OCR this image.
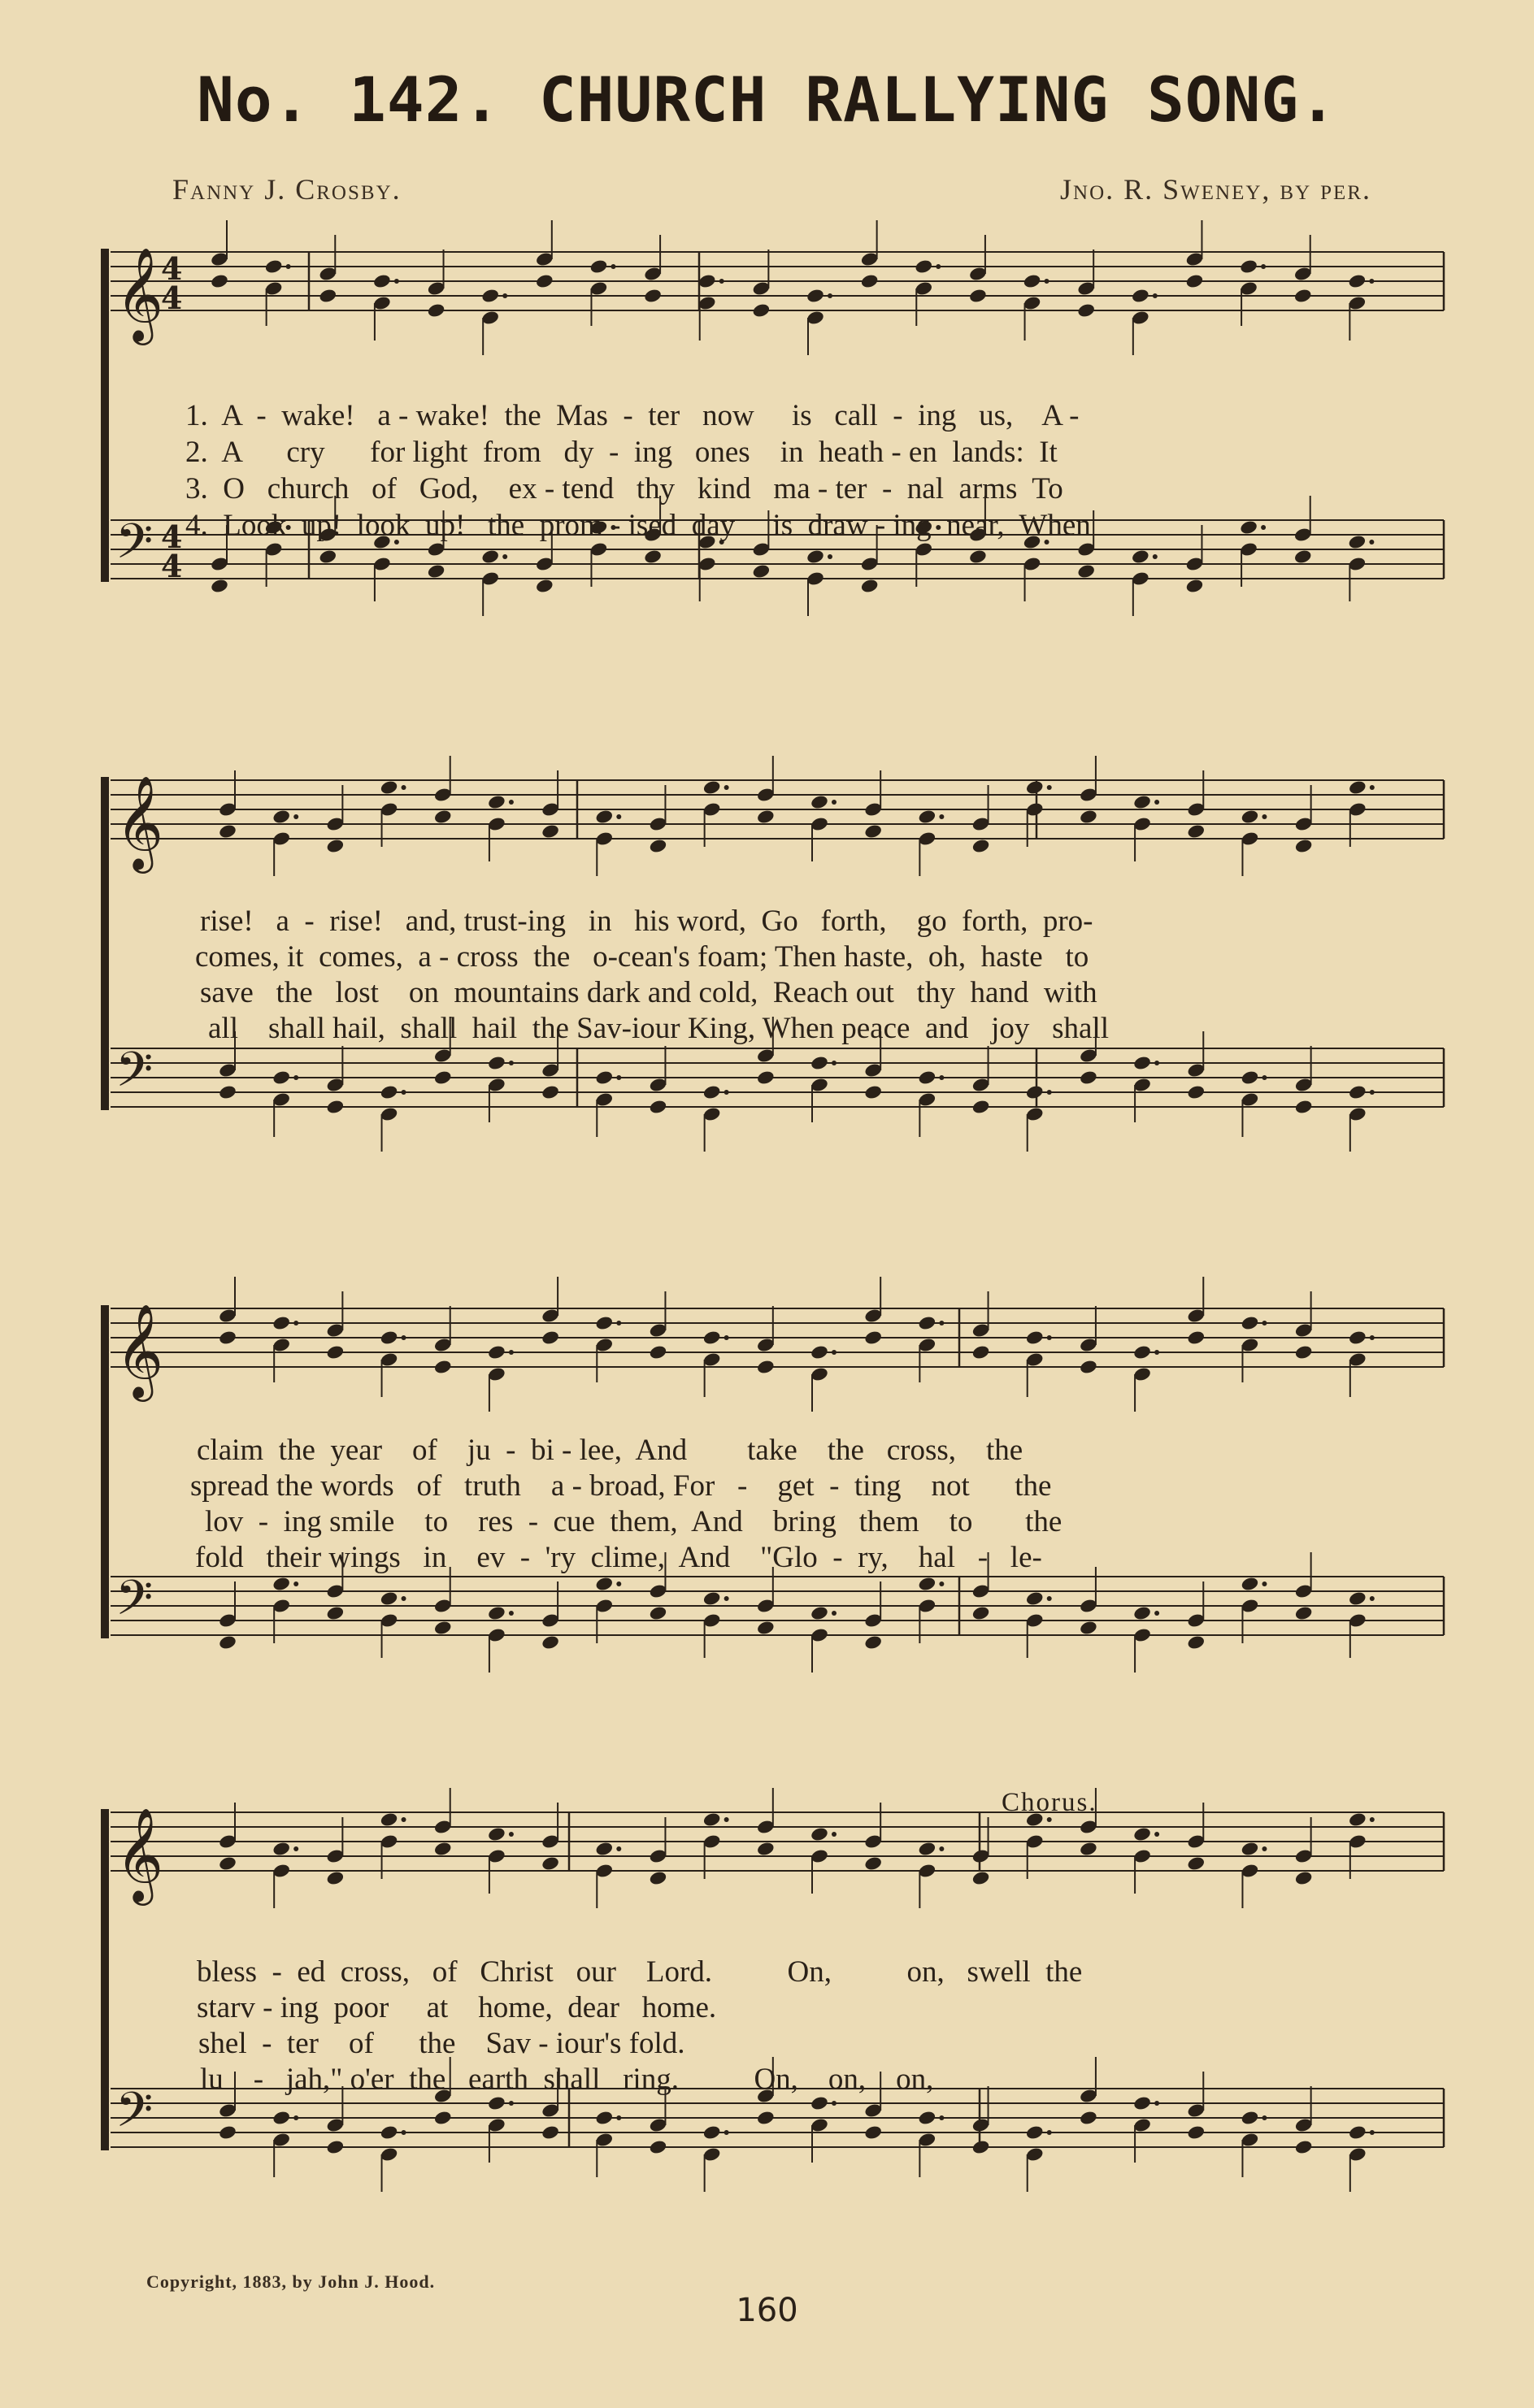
No. 142. CHURCH RALLYING SONG.
Fanny J. Crosby.	Jno. R. Sweney, by per.
𝄞
4
4
𝄢 4
4
1.  A  -  wake!   a - wake!  the  Mas  -  ter   now     is   call  -  ing   us,    A -
2.  A      cry      for light  from   dy  -  ing   ones    in  heath - en  lands:  It
3.  O   church   of   God,    ex - tend   thy   kind   ma - ter  -  nal  arms  To
4.  Look  up!  look  up!   the  prom - ised  day     is  draw - ing  near,  When
𝄞
𝄢
rise!   a  -  rise!   and, trust-ing   in   his word,  Go   forth,    go  forth,  pro-
comes, it  comes,  a - cross  the   o-cean's foam; Then haste,  oh,  haste   to
save   the   lost    on  mountains dark and cold,  Reach out   thy  hand  with
all    shall hail,  shall  hail  the Sav-iour King, When peace  and   joy   shall
𝄞
𝄢
claim  the  year    of    ju  -  bi - lee,  And        take    the   cross,    the
spread the words   of   truth    a - broad, For   -    get  -  ting    not      the
lov  -  ing smile    to    res  -  cue  them,  And    bring   them    to       the
fold   their wings   in    ev  -  'ry  clime,  And    "Glo  -  ry,    hal   -   le-
𝄞
𝄢
Chorus.
bless  -  ed  cross,   of   Christ   our    Lord.          On,          on,   swell  the
starv - ing  poor     at    home,  dear   home.
shel  -  ter    of      the    Sav - iour's fold.
lu    -   jah," o'er  the   earth  shall   ring.          On,    on,    on,
Copyright, 1883, by John J. Hood.
160
